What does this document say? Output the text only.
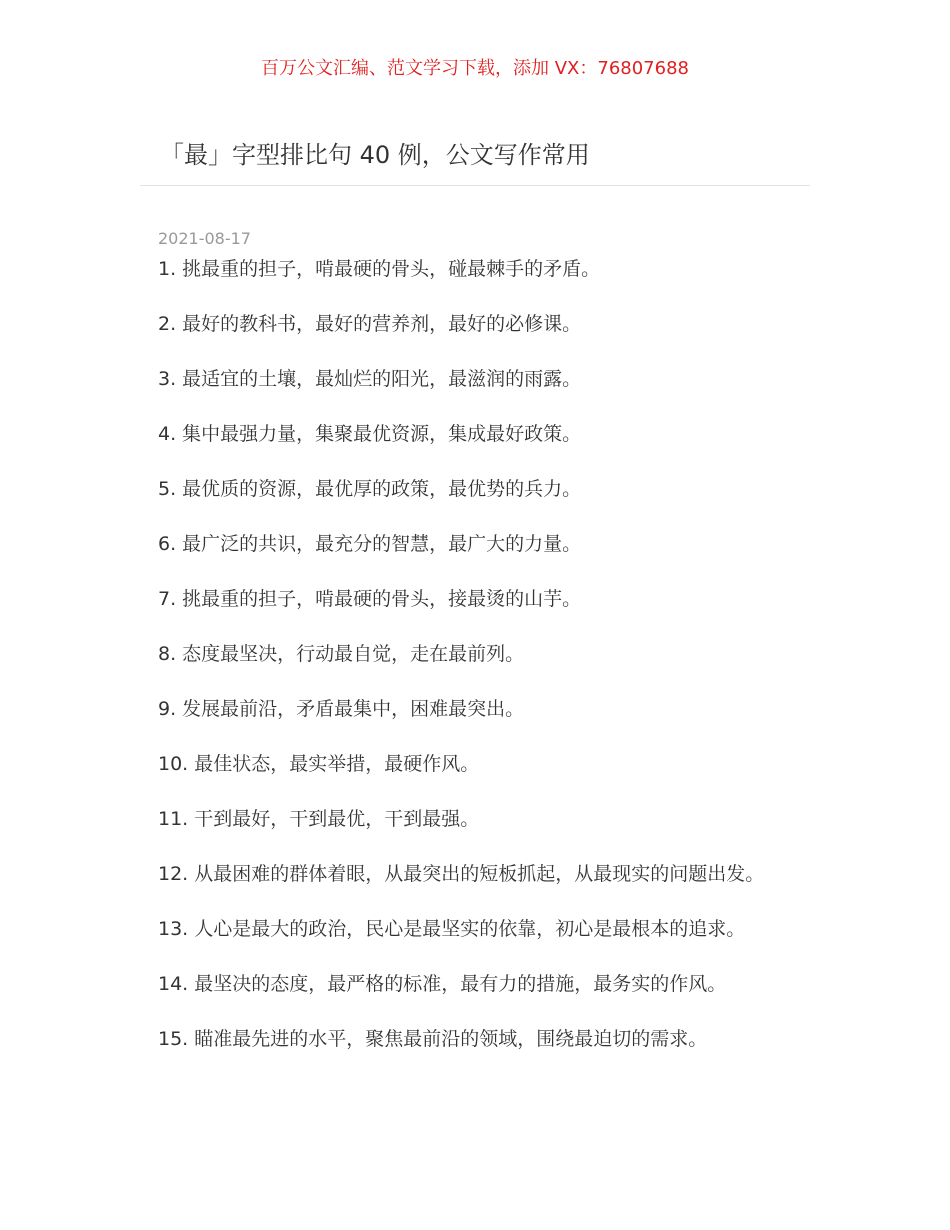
百万公文汇编、范文学习下载，添加 VX：76807688
「最」字型排比句 40 例，公文写作常用
2021-08-17
1. 挑最重的担子，啃最硬的骨头，碰最棘手的矛盾。
2. 最好的教科书，最好的营养剂，最好的必修课。
3. 最适宜的土壤，最灿烂的阳光，最滋润的雨露。
4. 集中最强力量，集聚最优资源，集成最好政策。
5. 最优质的资源，最优厚的政策，最优势的兵力。
6. 最广泛的共识，最充分的智慧，最广大的力量。
7. 挑最重的担子，啃最硬的骨头，接最烫的山芋。
8. 态度最坚决，行动最自觉，走在最前列。
9. 发展最前沿，矛盾最集中，困难最突出。
10. 最佳状态，最实举措，最硬作风。
11. 干到最好，干到最优，干到最强。
12. 从最困难的群体着眼，从最突出的短板抓起，从最现实的问题出发。
13. 人心是最大的政治，民心是最坚实的依靠，初心是最根本的追求。
14. 最坚决的态度，最严格的标准，最有力的措施，最务实的作风。
15. 瞄准最先进的水平，聚焦最前沿的领域，围绕最迫切的需求。
